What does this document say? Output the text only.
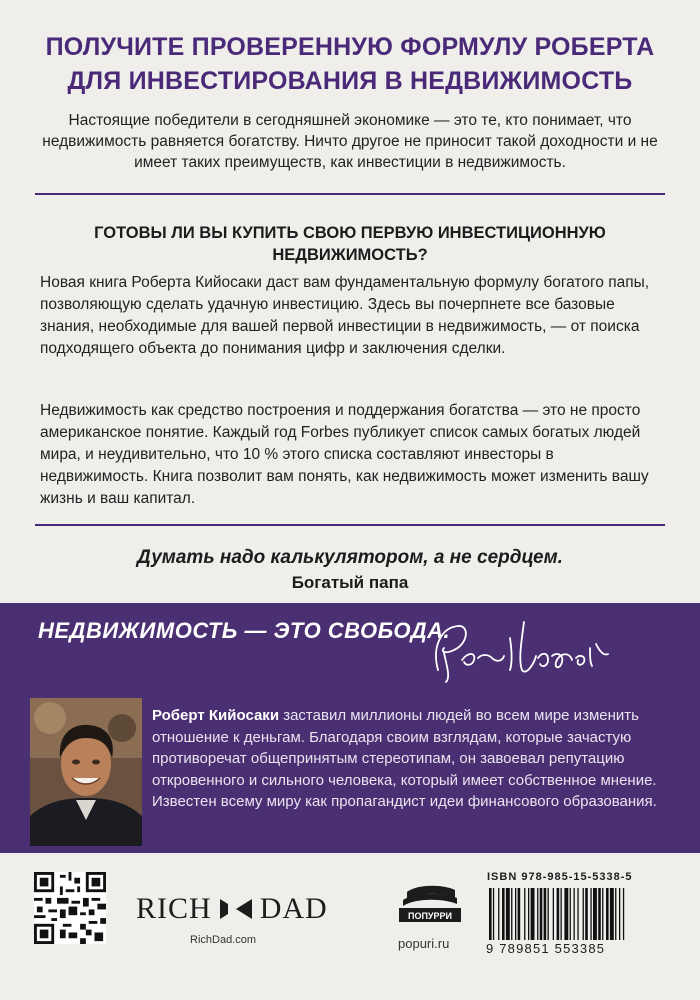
ПОЛУЧИТЕ ПРОВЕРЕННУЮ ФОРМУЛУ РОБЕРТА ДЛЯ ИНВЕСТИРОВАНИЯ В НЕДВИЖИМОСТЬ
Настоящие победители в сегодняшней экономике — это те, кто понимает, что недвижимость равняется богатству. Ничто другое не приносит такой доходности и не имеет таких преимуществ, как инвестиции в недвижимость.
ГОТОВЫ ЛИ ВЫ КУПИТЬ СВОЮ ПЕРВУЮ ИНВЕСТИЦИОННУЮ НЕДВИЖИМОСТЬ?
Новая книга Роберта Кийосаки даст вам фундаментальную формулу богатого папы, позволяющую сделать удачную инвестицию. Здесь вы почерпнете все базовые знания, необходимые для вашей первой инвестиции в недвижимость, — от поиска подходящего объекта до понимания цифр и заключения сделки.
Недвижимость как средство построения и поддержания богатства — это не просто американское понятие. Каждый год Forbes публикует список самых богатых людей мира, и неудивительно, что 10 % этого списка составляют инвесторы в недвижимость. Книга позволит вам понять, как недвижимость может изменить вашу жизнь и ваш капитал.
Думать надо калькулятором, а не сердцем.
Богатый папа
НЕДВИЖИМОСТЬ — ЭТО СВОБОДА.
Роберт Кийосаки заставил миллионы людей во всем мире изменить отношение к деньгам. Благодаря своим взглядам, которые зачастую противоречат общепринятым стереотипам, он завоевал репутацию откровенного и сильного человека, который имеет собственное мнение. Известен всему миру как пропагандист идеи финансового образования.
RICH DAD
RichDad.com
ПОПУРРИ
popuri.ru
ISBN 978-985-15-5338-5
9 789851 553385
